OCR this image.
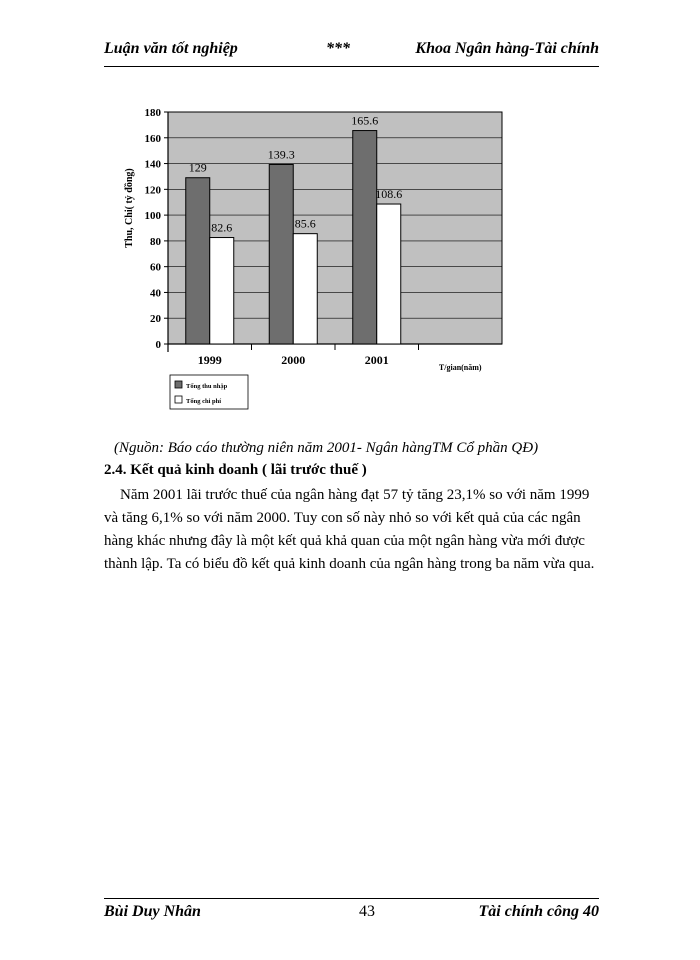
Luận văn tốt nghiệp	***	Khoa Ngân hàng-Tài chính
0
20
40
60
80
100
120
140
160
180
129
82.6
1999
139.3
85.6
2000
165.6
108.6
2001
T/gian(năm)
Thu, Chi( tỷ đồng)
Tổng thu nhập
Tổng chi phí
(Nguồn: Báo cáo thường niên năm 2001- Ngân hàngTM Cổ phần QĐ)
2.4. Kết quả kinh doanh ( lãi trước thuế )
Năm 2001 lãi trước thuế của ngân hàng đạt 57 tỷ tăng 23,1% so với năm 1999
và tăng 6,1% so với năm 2000. Tuy con số này nhỏ so với kết quả của các ngân
hàng khác nhưng đây là một kết quả khả quan của một ngân hàng vừa mới được
thành lập. Ta có biểu đồ kết quả kinh doanh của ngân hàng trong ba năm vừa qua.
Bùi Duy Nhân	43	Tài chính công 40
